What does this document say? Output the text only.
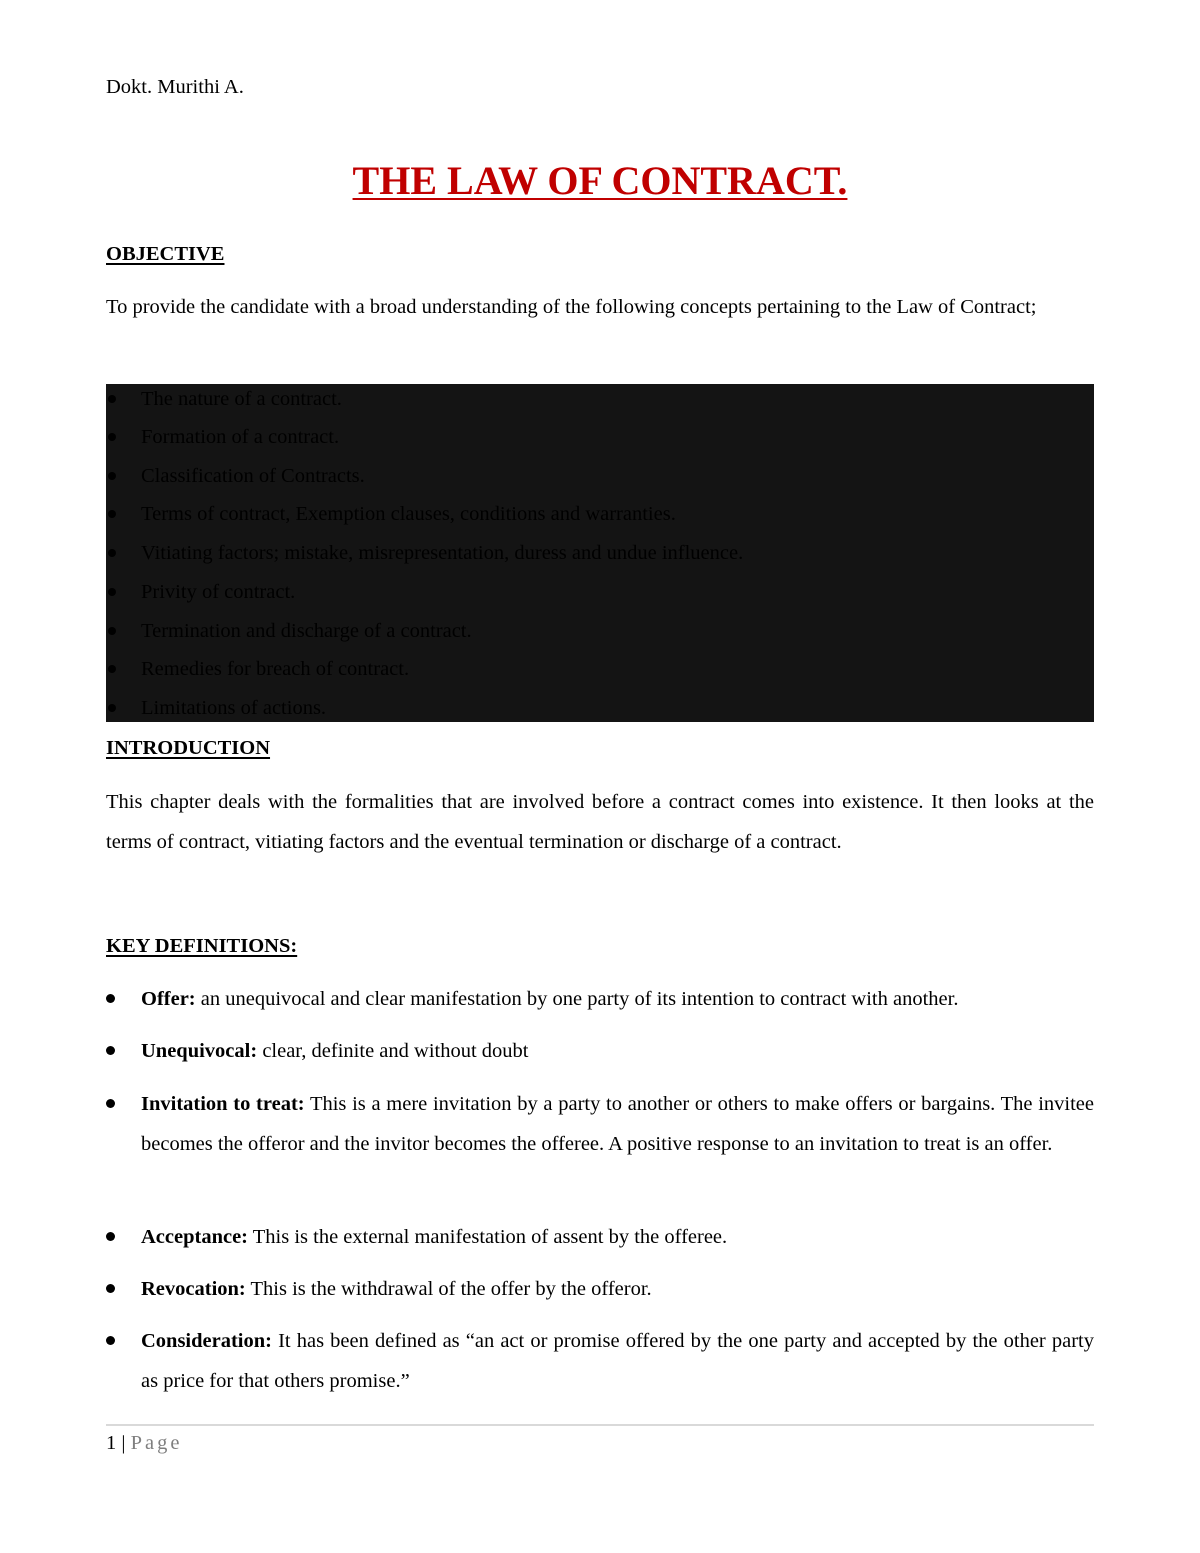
Dokt. Murithi A.
THE LAW OF CONTRACT.
OBJECTIVE
To provide the candidate with a broad understanding of the following concepts pertaining to the Law of Contract;
The nature of a contract.
Formation of a contract.
Classification of Contracts.
Terms of contract, Exemption clauses, conditions and warranties.
Vitiating factors; mistake, misrepresentation, duress and undue influence.
Privity of contract.
Termination and discharge of a contract.
Remedies for breach of contract.
Limitations of actions.
INTRODUCTION
This chapter deals with the formalities that are involved before a contract comes into existence. It then looks at the terms of contract, vitiating factors and the eventual termination or discharge of a contract.
KEY DEFINITIONS:
Offer: an unequivocal and clear manifestation by one party of its intention to contract with another.
Unequivocal: clear, definite and without doubt
Invitation to treat: This is a mere invitation by a party to another or others to make offers or bargains. The invitee becomes the offeror and the invitor becomes the offeree. A positive response to an invitation to treat is an offer.
Acceptance: This is the external manifestation of assent by the offeree.
Revocation: This is the withdrawal of the offer by the offeror.
Consideration: It has been defined as “an act or promise offered by the one party and accepted by the other party as price for that others promise.”
1 | Page
